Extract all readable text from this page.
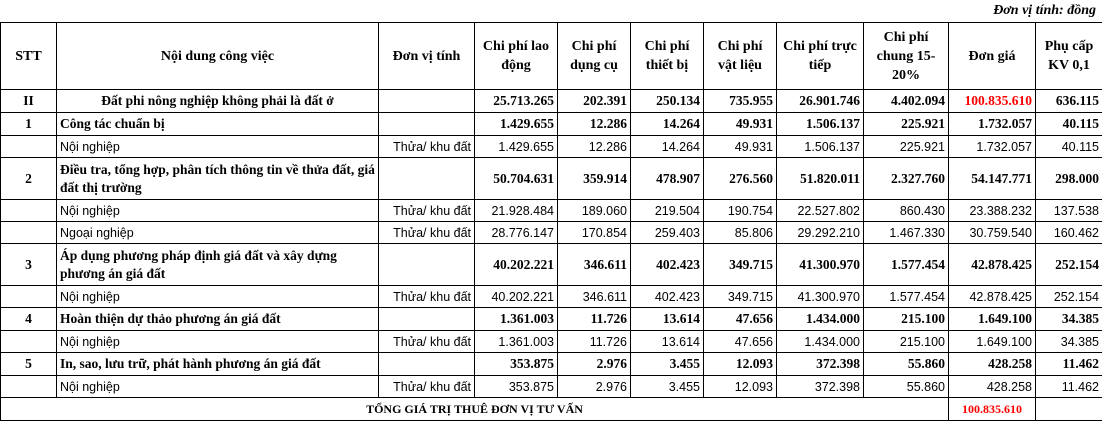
Đơn vị tính: đồng
STT	Nội dung công việc	Đơn vị tính	Chi phí lao động	Chi phí dụng cụ	Chi phí thiết bị	Chi phí vật liệu	Chi phí trực tiếp	Chi phí chung 15-20%	Đơn giá	Phụ cấp KV 0,1
II	Đất phi nông nghiệp không phải là đất ở		25.713.265	202.391	250.134	735.955	26.901.746	4.402.094	100.835.610	636.115
1	Công tác chuẩn bị		1.429.655	12.286	14.264	49.931	1.506.137	225.921	1.732.057	40.115
	Nội nghiệp	Thửa/ khu đất	1.429.655	12.286	14.264	49.931	1.506.137	225.921	1.732.057	40.115
2	Điều tra, tổng hợp, phân tích thông tin về thửa đất, giá đất thị trường		50.704.631	359.914	478.907	276.560	51.820.011	2.327.760	54.147.771	298.000
	Nội nghiệp	Thửa/ khu đất	21.928.484	189.060	219.504	190.754	22.527.802	860.430	23.388.232	137.538
	Ngoại nghiệp	Thửa/ khu đất	28.776.147	170.854	259.403	85.806	29.292.210	1.467.330	30.759.540	160.462
3	Áp dụng phương pháp định giá đất và xây dựng phương án giá đất		40.202.221	346.611	402.423	349.715	41.300.970	1.577.454	42.878.425	252.154
	Nội nghiệp	Thửa/ khu đất	40.202.221	346.611	402.423	349.715	41.300.970	1.577.454	42.878.425	252.154
4	Hoàn thiện dự thảo phương án giá đất		1.361.003	11.726	13.614	47.656	1.434.000	215.100	1.649.100	34.385
	Nội nghiệp	Thửa/ khu đất	1.361.003	11.726	13.614	47.656	1.434.000	215.100	1.649.100	34.385
5	In, sao, lưu trữ, phát hành phương án giá đất		353.875	2.976	3.455	12.093	372.398	55.860	428.258	11.462
	Nội nghiệp	Thửa/ khu đất	353.875	2.976	3.455	12.093	372.398	55.860	428.258	11.462
TỔNG GIÁ TRỊ THUÊ ĐƠN VỊ TƯ VẤN									100.835.610	
